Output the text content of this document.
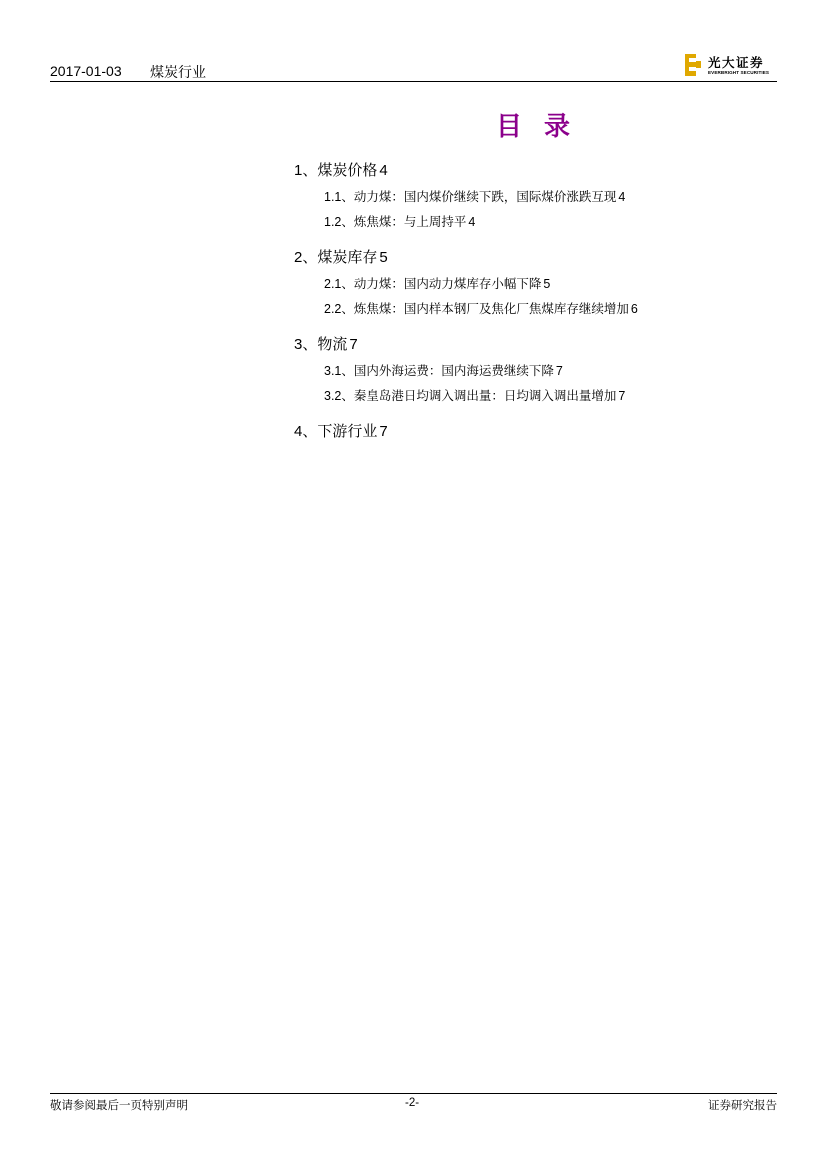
2017-01-03 煤炭行业
光大证券
EVERBRIGHT SECURITIES
目录
1、 煤炭价格 4
1.1、 动力煤：国内煤价继续下跌，国际煤价涨跌互现 4
1.2、 炼焦煤：与上周持平 4
2、 煤炭库存 5
2.1、 动力煤：国内动力煤库存小幅下降 5
2.2、 炼焦煤：国内样本钢厂及焦化厂焦煤库存继续增加 6
3、 物流 7
3.1、 国内外海运费：国内海运费继续下降 7
3.2、 秦皇岛港日均调入调出量：日均调入调出量增加 7
4、 下游行业 7
敬请参阅最后一页特别声明	-2-	证券研究报告
